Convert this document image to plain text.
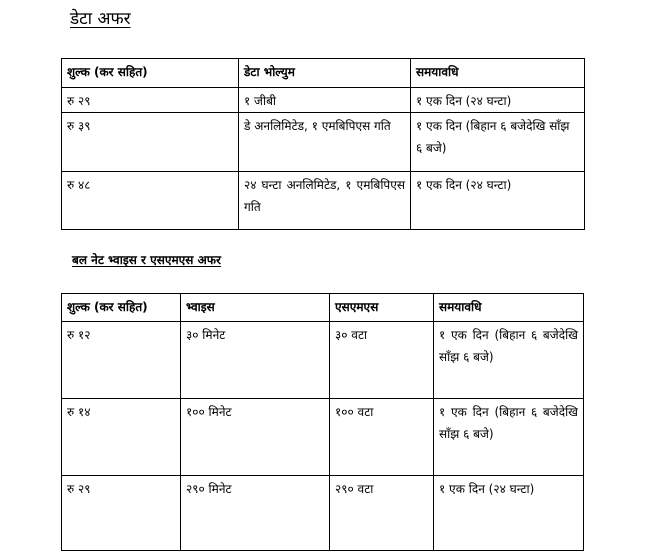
डेटा अफर
शुल्क (कर सहित)	डेटा भोल्युम	समयावधि
रु २९	१ जीबी	१ एक दिन (२४ घन्टा)
रु ३९	डे अनलिमिटेड, १ एमबिपिएस गति	१ एक दिन (बिहान ६ बजेदेखि साँझ ६ बजे)
रु ४८	२४ घन्टा अनलिमिटेड, १ एमबिपिएस गति	१ एक दिन (२४ घन्टा)
बल नेट भ्वाइस र एसएमएस अफर
शुल्क (कर सहित)	भ्वाइस	एसएमएस	समयावधि
रु १२	३० मिनेट	३० वटा	१ एक दिन (बिहान ६ बजेदेखि साँझ ६ बजे)
रु १४	१०० मिनेट	१०० वटा	१ एक दिन (बिहान ६ बजेदेखि साँझ ६ बजे)
रु २९	२९० मिनेट	२९० वटा	१ एक दिन (२४ घन्टा)
